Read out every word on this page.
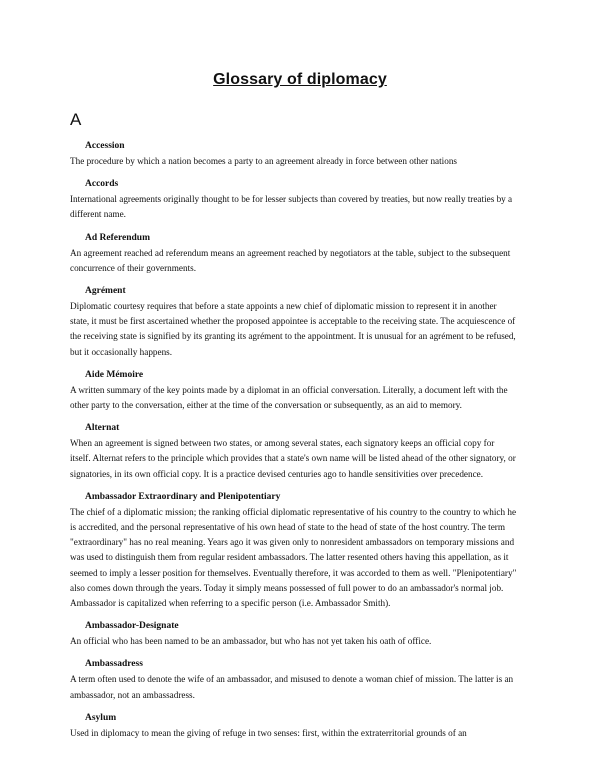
Glossary of diplomacy
A
Accession
The procedure by which a nation becomes a party to an agreement already in force between other nations
Accords
International agreements originally thought to be for lesser subjects than covered by treaties, but now really treaties by a different name.
Ad Referendum
An agreement reached ad referendum means an agreement reached by negotiators at the table, subject to the subsequent concurrence of their governments.
Agrément
Diplomatic courtesy requires that before a state appoints a new chief of diplomatic mission to represent it in another state, it must be first ascertained whether the proposed appointee is acceptable to the receiving state. The acquiescence of the receiving state is signified by its granting its agrément to the appointment. It is unusual for an agrément to be refused, but it occasionally happens.
Aide Mémoire
A written summary of the key points made by a diplomat in an official conversation. Literally, a document left with the other party to the conversation, either at the time of the conversation or subsequently, as an aid to memory.
Alternat
When an agreement is signed between two states, or among several states, each signatory keeps an official copy for itself. Alternat refers to the principle which provides that a state's own name will be listed ahead of the other signatory, or signatories, in its own official copy. It is a practice devised centuries ago to handle sensitivities over precedence.
Ambassador Extraordinary and Plenipotentiary
The chief of a diplomatic mission; the ranking official diplomatic representative of his country to the country to which he is accredited, and the personal representative of his own head of state to the head of state of the host country. The term "extraordinary" has no real meaning. Years ago it was given only to nonresident ambassadors on temporary missions and was used to distinguish them from regular resident ambassadors. The latter resented others having this appellation, as it seemed to imply a lesser position for themselves. Eventually therefore, it was accorded to them as well. "Plenipotentiary" also comes down through the years. Today it simply means possessed of full power to do an ambassador's normal job. Ambassador is capitalized when referring to a specific person (i.e. Ambassador Smith).
Ambassador-Designate
An official who has been named to be an ambassador, but who has not yet taken his oath of office.
Ambassadress
A term often used to denote the wife of an ambassador, and misused to denote a woman chief of mission. The latter is an ambassador, not an ambassadress.
Asylum
Used in diplomacy to mean the giving of refuge in two senses: first, within the extraterritorial grounds of an
